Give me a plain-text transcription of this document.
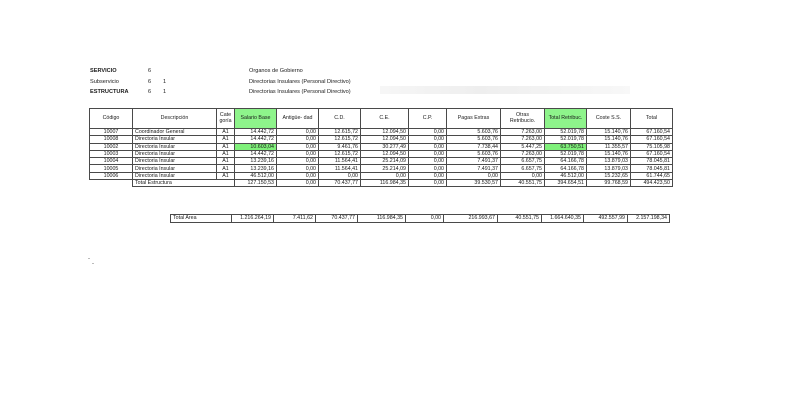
SERVICIO	6	Organos de Gobierno
Subservicio	6 1	Directorias Insulares (Personal Directivo)
ESTRUCTURA	6 1	Directorias Insulares (Personal Directivo)
Código	Descripción	Cate goría	Salario Base	Antigüe- dad	C.D.	C.E.	C.P.	Pagas Extras	Otras Retribucio.	Total Retribuc.	Coste S.S.	Total
10007	Coordinador General	A1	14.442,72	0,00	12.615,72	12.094,50	0,00	5.603,76	7.263,00	52.019,78	15.140,76	67.160,54
10008	Directoria Insular	A1	14.442,72	0,00	12.615,72	12.094,50	0,00	5.603,76	7.263,00	52.019,78	15.140,76	67.160,54
10002	Directoria Insular	A1	10.603,04	0,00	9.461,76	30.277,49	0,00	7.738,44	5.447,25	63.750,51	11.355,57	75.105,98
10003	Directoria Insular	A1	14.442,72	0,00	12.615,72	12.094,50	0,00	5.603,76	7.263,00	52.019,78	15.140,76	67.160,54
10004	Directoria Insular	A1	13.239,16	0,00	11.564,41	25.214,09	0,00	7.491,37	6.657,75	64.166,78	13.879,03	78.045,81
10005	Directoria Insular	A1	13.239,16	0,00	11.564,41	25.214,09	0,00	7.491,37	6.657,75	64.166,78	13.879,03	78.045,81
10006	Directoria Insular	A1	46.512,00	0,00	0,00	0,00	0,00	0,00	0,00	46.512,00	15.232,65	61.744,65
	Total Estructura		127.150,53	0,00	70.437,77	116.984,35	0,00	39.530,57	40.551,75	394.654,51	99.768,59	494.423,50
Total Area	1.216.264,19	7.411,62	70.437,77	116.984,35	0,00	216.993,67	40.551,75	1.664.640,35	492.557,99	2.157.198,34
